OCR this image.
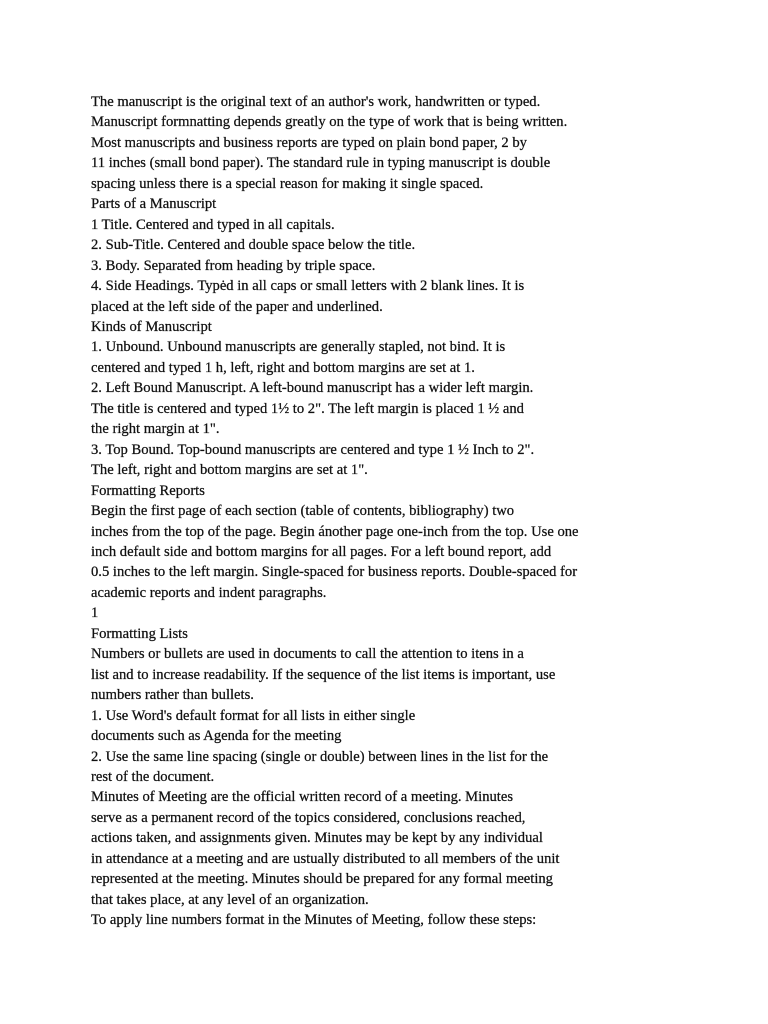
The manuscript is the original text of an author's work, handwritten or typed.
Manuscript formnatting depends greatly on the type of work that is being written.
Most manuscripts and business reports are typed on plain bond paper, 2 by
11 inches (small bond paper). The standard rule in typing manuscript is double
spacing unless there is a special reason for making it single spaced.
Parts of a Manuscript
1 Title. Centered and typed in all capitals.
2. Sub-Title. Centered and double space below the title.
3. Body. Separated from heading by triple space.
4. Side Headings. Typėd in all caps or small letters with 2 blank lines. It is
placed at the left side of the paper and underlined.
Kinds of Manuscript
1. Unbound. Unbound manuscripts are generally stapled, not bind. It is
centered and typed 1 h, left, right and bottom margins are set at 1.
2. Left Bound Manuscript. A left-bound manuscript has a wider left margin.
The title is centered and typed 1½ to 2". The left margin is placed 1 ½ and
the right margin at 1".
3. Top Bound. Top-bound manuscripts are centered and type 1 ½ Inch to 2".
The left, right and bottom margins are set at 1".
Formatting Reports
Begin the first page of each section (table of contents, bibliography) two
inches from the top of the page. Begin ánother page one-inch from the top. Use one
inch default side and bottom margins for all pages. For a left bound report, add
0.5 inches to the left margin. Single-spaced for business reports. Double-spaced for
academic reports and indent paragraphs.
1
Formatting Lists
Numbers or bullets are used in documents to call the attention to itens in a
list and to increase readability. If the sequence of the list items is important, use
numbers rather than bullets.
1. Use Word's default format for all lists in either single
documents such as Agenda for the meeting
2. Use the same line spacing (single or double) between lines in the list for the
rest of the document.
Minutes of Meeting are the official written record of a meeting. Minutes
serve as a permanent record of the topics considered, conclusions reached,
actions taken, and assignments given. Minutes may be kept by any individual
in attendance at a meeting and are ustually distributed to all members of the unit
represented at the meeting. Minutes should be prepared for any formal meeting
that takes place, at any level of an organization.
To apply line numbers format in the Minutes of Meeting, follow these steps:
